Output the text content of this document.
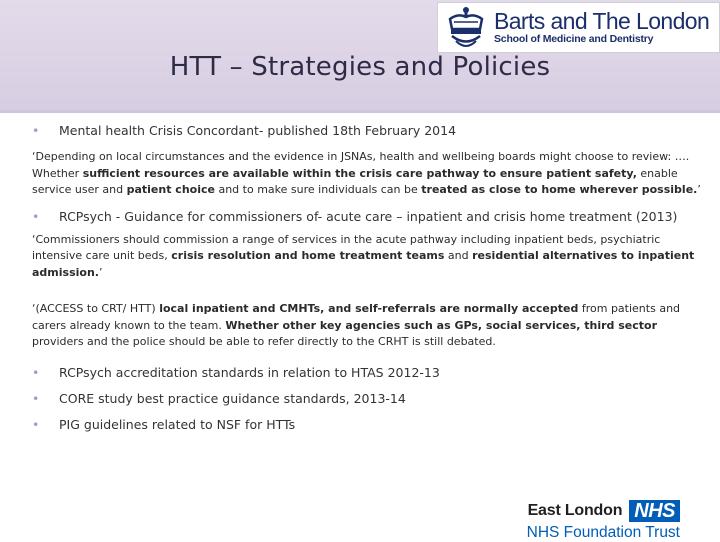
Barts and The London
School of Medicine and Dentistry
HTT – Strategies and Policies
•	Mental health Crisis Concordant- published 18th February 2014

‘Depending on local circumstances and the evidence in JSNAs, health and wellbeing boards might choose to review: …. Whether sufficient resources are available within the crisis care pathway to ensure patient safety, enable service user and patient choice and to make sure individuals can be treated as close to home wherever possible.’

•	RCPsych - Guidance for commissioners of- acute care – inpatient and crisis home treatment (2013)

‘Commissioners should commission a range of services in the acute pathway including inpatient beds, psychiatric intensive care unit beds, crisis resolution and home treatment teams and residential alternatives to inpatient admission.’

‘(ACCESS to CRT/ HTT) local inpatient and CMHTs, and self-referrals are normally accepted from patients and carers already known to the team. Whether other key agencies such as GPs, social services, third sector providers and the police should be able to refer directly to the CRHT is still debated.

•	RCPsych accreditation standards in relation to HTAS 2012-13
•	CORE study best practice guidance standards, 2013-14
•	PIG guidelines related to NSF for HTTs
East London NHS
NHS Foundation Trust
